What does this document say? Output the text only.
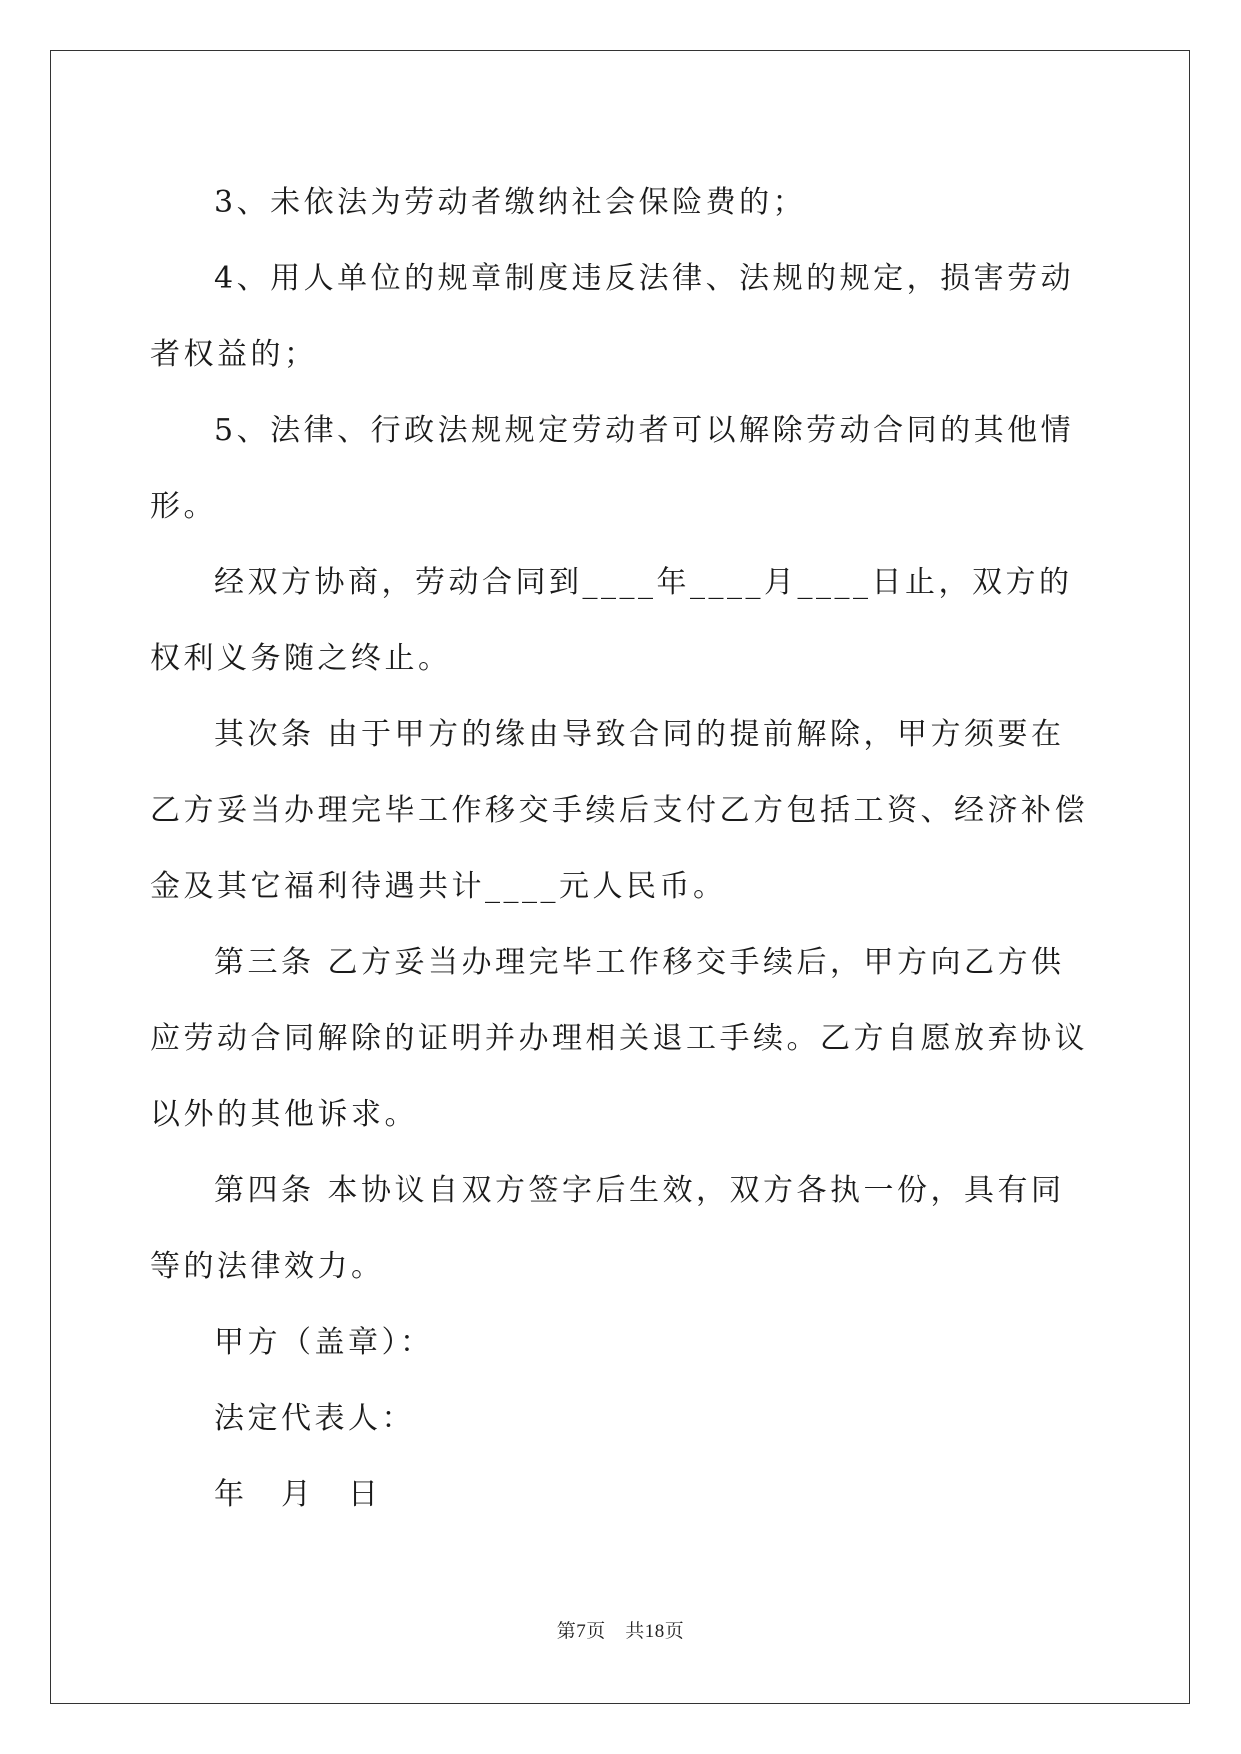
3、未依法为劳动者缴纳社会保险费的；

4、用人单位的规章制度违反法律、法规的规定，损害劳动者权益的；

5、法律、行政法规规定劳动者可以解除劳动合同的其他情形。

经双方协商，劳动合同到____年____月____日止，双方的权利义务随之终止。

其次条 由于甲方的缘由导致合同的提前解除，甲方须要在乙方妥当办理完毕工作移交手续后支付乙方包括工资、经济补偿金及其它福利待遇共计____元人民币。

第三条 乙方妥当办理完毕工作移交手续后，甲方向乙方供应劳动合同解除的证明并办理相关退工手续。乙方自愿放弃协议以外的其他诉求。

第四条 本协议自双方签字后生效，双方各执一份，具有同等的法律效力。

甲方（盖章）：

法定代表人：

年　月　日

第7页　共18页
